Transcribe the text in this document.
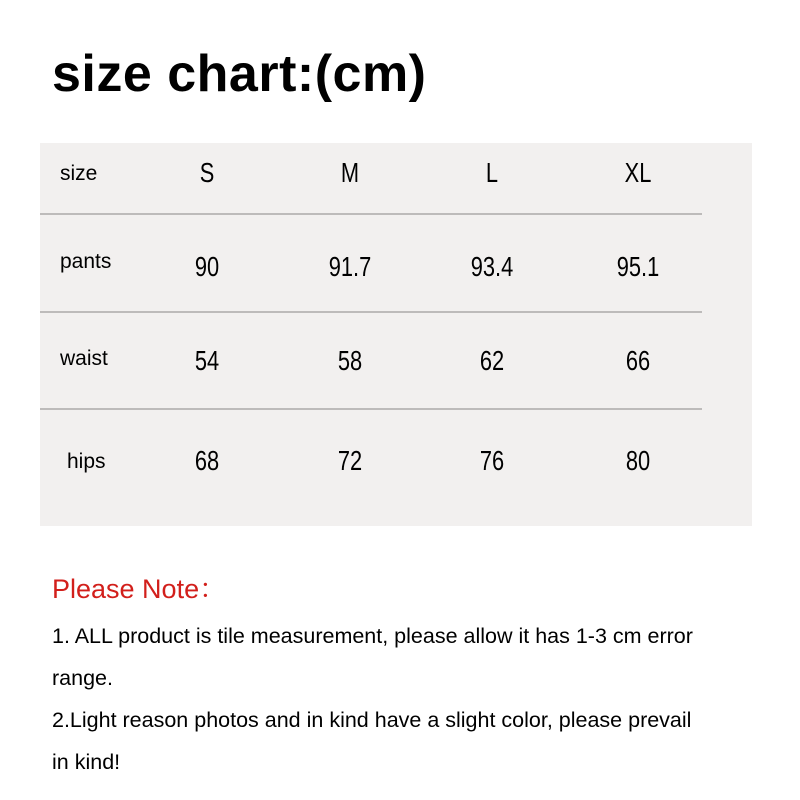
size chart:(cm)
size	S	M	L	XL
pants	90	91.7	93.4	95.1
waist	54	58	62	66
hips	68	72	76	80

Please Note：

1. ALL product is tile measurement, please allow it has 1-3 cm error

range.

2.Light reason photos and in kind have a slight color, please prevail

in kind!
